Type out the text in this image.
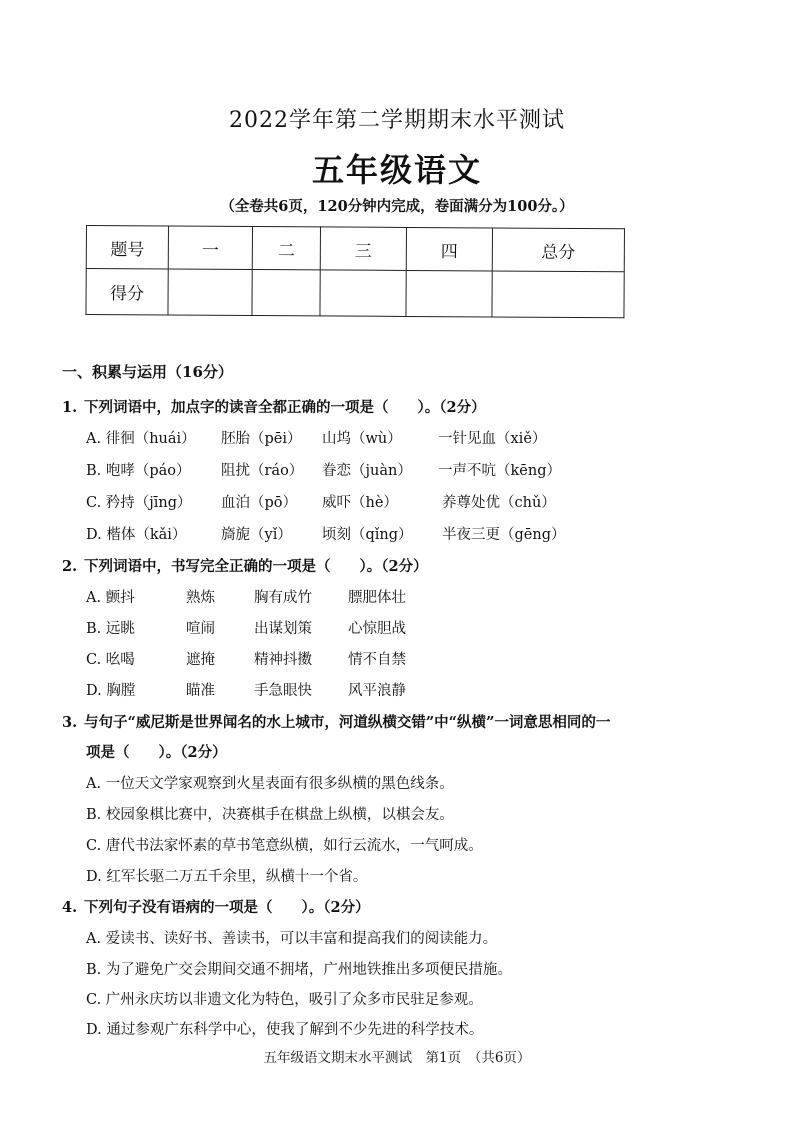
2022学年第二学期期末水平测试
五年级语文
（全卷共6页，120分钟内完成，卷面满分为100分。）
题号	一	二	三	四	总分
得分					
一、积累与运用（16分）
1. 下列词语中，加点字的读音全都正确的一项是（　　）。（2分）
A. 徘徊（huái） 胚胎（pēi） 山坞（wù）	一针见血（xiě）
B. 咆哮（páo） 阻扰（ráo） 眷恋（juàn） 一声不吭（kēng）
C. 矜持（jīng） 血泊（pō） 威吓（hè）	养尊处优（chǔ）
D. 楷体（kǎi） 旖旎（yǐ） 顷刻（qǐng） 半夜三更（gēng）
2. 下列词语中，书写完全正确的一项是（　　）。（2分）
A. 颤抖	熟炼	胸有成竹 膘肥体壮
B. 远眺	喧闹	出谋划策 心惊胆战
C. 吆喝	遮掩	精神抖擞 情不自禁
D. 胸膛	瞄准	手急眼快 风平浪静
3. 与句子“威尼斯是世界闻名的水上城市，河道纵横交错”中“纵横”一词意思相同的一
项是（　　）。（2分）
A. 一位天文学家观察到火星表面有很多纵横的黑色线条。
B. 校园象棋比赛中，决赛棋手在棋盘上纵横，以棋会友。
C. 唐代书法家怀素的草书笔意纵横，如行云流水，一气呵成。
D. 红军长驱二万五千余里，纵横十一个省。
4. 下列句子没有语病的一项是（　　）。（2分）
A. 爱读书、读好书、善读书，可以丰富和提高我们的阅读能力。
B. 为了避免广交会期间交通不拥堵，广州地铁推出多项便民措施。
C. 广州永庆坊以非遗文化为特色，吸引了众多市民驻足参观。
D. 通过参观广东科学中心，使我了解到不少先进的科学技术。
五年级语文期末水平测试　第1页　（共6页）
